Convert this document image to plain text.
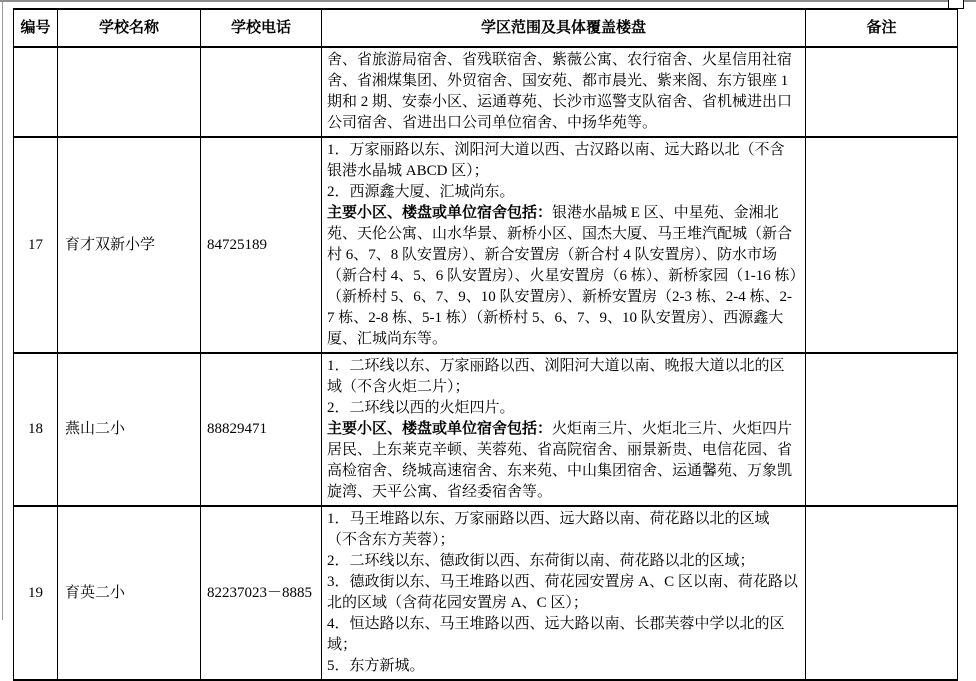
编号	学校名称	学校电话	学区范围及具体覆盖楼盘	备注

			舍、省旅游局宿舍、省残联宿舍、紫薇公寓、农行宿舍、火星信用社宿舍、省湘煤集团、外贸宿舍、国安苑、都市晨光、紫来阁、东方银座 1 期和 2 期、安泰小区、运通尊苑、长沙市巡警支队宿舍、省机械进出口公司宿舍、省进出口公司单位宿舍、中扬华苑等。	

17	育才双新小学	84725189	1．万家丽路以东、浏阳河大道以西、古汉路以南、远大路以北（不含银港水晶城 ABCD 区）；

2．西源鑫大厦、汇城尚东。

主要小区、楼盘或单位宿舍包括：银港水晶城 E 区、中星苑、金湘北苑、天伦公寓、山水华景、新桥小区、国杰大厦、马王堆汽配城（新合村 6、7、8 队安置房）、新合安置房（新合村 4 队安置房）、防水市场（新合村 4、5、6 队安置房）、火星安置房（6 栋）、新桥家园（1-16 栋）（新桥村 5、6、7、9、10 队安置房）、新桥安置房（2-3 栋、2-4 栋、2-7 栋、2-8 栋、5-1 栋）（新桥村 5、6、7、9、10 队安置房）、西源鑫大厦、汇城尚东等。	

18	燕山二小	88829471	1．二环线以东、万家丽路以西、浏阳河大道以南、晚报大道以北的区域（不含火炬二片）；

2．二环线以西的火炬四片。

主要小区、楼盘或单位宿舍包括：火炬南三片、火炬北三片、火炬四片居民、上东莱克辛顿、芙蓉苑、省高院宿舍、丽景新贵、电信花园、省高检宿舍、绕城高速宿舍、东来苑、中山集团宿舍、运通馨苑、万象凯旋湾、天平公寓、省经委宿舍等。	

19	育英二小	82237023－8885	1．马王堆路以东、万家丽路以西、远大路以南、荷花路以北的区域（不含东方芙蓉）；

2．二环线以东、德政街以西、东荷街以南、荷花路以北的区域；

3．德政街以东、马王堆路以西、荷花园安置房 A、C 区以南、荷花路以北的区域（含荷花园安置房 A、C 区）；

4．恒达路以东、马王堆路以西、远大路以南、长郡芙蓉中学以北的区域；

5．东方新城。	
